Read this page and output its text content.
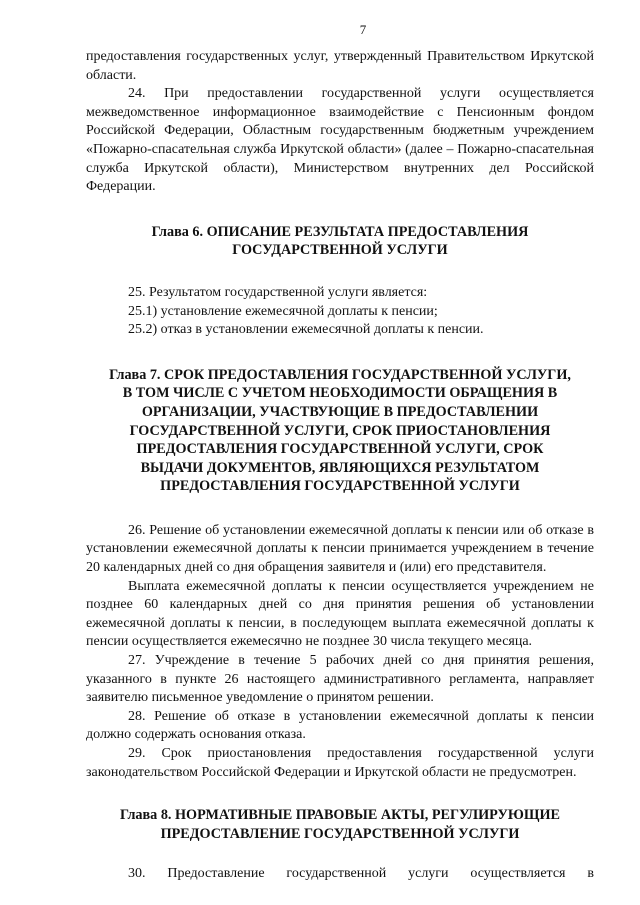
7

предоставления государственных услуг, утвержденный Правительством Иркутской области.

24. При предоставлении государственной услуги осуществляется межведомственное информационное взаимодействие с Пенсионным фондом Российской Федерации, Областным государственным бюджетным учреждением «Пожарно-спасательная служба Иркутской области» (далее – Пожарно-спасательная служба Иркутской области), Министерством внутренних дел Российской Федерации.

Глава 6. ОПИСАНИЕ РЕЗУЛЬТАТА ПРЕДОСТАВЛЕНИЯ
ГОСУДАРСТВЕННОЙ УСЛУГИ

25. Результатом государственной услуги является:

25.1) установление ежемесячной доплаты к пенсии;

25.2) отказ в установлении ежемесячной доплаты к пенсии.

Глава 7. СРОК ПРЕДОСТАВЛЕНИЯ ГОСУДАРСТВЕННОЙ УСЛУГИ,
В ТОМ ЧИСЛЕ С УЧЕТОМ НЕОБХОДИМОСТИ ОБРАЩЕНИЯ В
ОРГАНИЗАЦИИ, УЧАСТВУЮЩИЕ В ПРЕДОСТАВЛЕНИИ
ГОСУДАРСТВЕННОЙ УСЛУГИ, СРОК ПРИОСТАНОВЛЕНИЯ
ПРЕДОСТАВЛЕНИЯ ГОСУДАРСТВЕННОЙ УСЛУГИ, СРОК
ВЫДАЧИ ДОКУМЕНТОВ, ЯВЛЯЮЩИХСЯ РЕЗУЛЬТАТОМ
ПРЕДОСТАВЛЕНИЯ ГОСУДАРСТВЕННОЙ УСЛУГИ

26. Решение об установлении ежемесячной доплаты к пенсии или об отказе в установлении ежемесячной доплаты к пенсии принимается учреждением в течение 20 календарных дней со дня обращения заявителя и (или) его представителя.

Выплата ежемесячной доплаты к пенсии осуществляется учреждением не позднее 60 календарных дней со дня принятия решения об установлении ежемесячной доплаты к пенсии, в последующем выплата ежемесячной доплаты к пенсии осуществляется ежемесячно не позднее 30 числа текущего месяца.

27. Учреждение в течение 5 рабочих дней со дня принятия решения, указанного в пункте 26 настоящего административного регламента, направляет заявителю письменное уведомление о принятом решении.

28. Решение об отказе в установлении ежемесячной доплаты к пенсии должно содержать основания отказа.

29. Срок приостановления предоставления государственной услуги законодательством Российской Федерации и Иркутской области не предусмотрен.

Глава 8. НОРМАТИВНЫЕ ПРАВОВЫЕ АКТЫ, РЕГУЛИРУЮЩИЕ
ПРЕДОСТАВЛЕНИЕ ГОСУДАРСТВЕННОЙ УСЛУГИ

30. Предоставление государственной услуги осуществляется в
